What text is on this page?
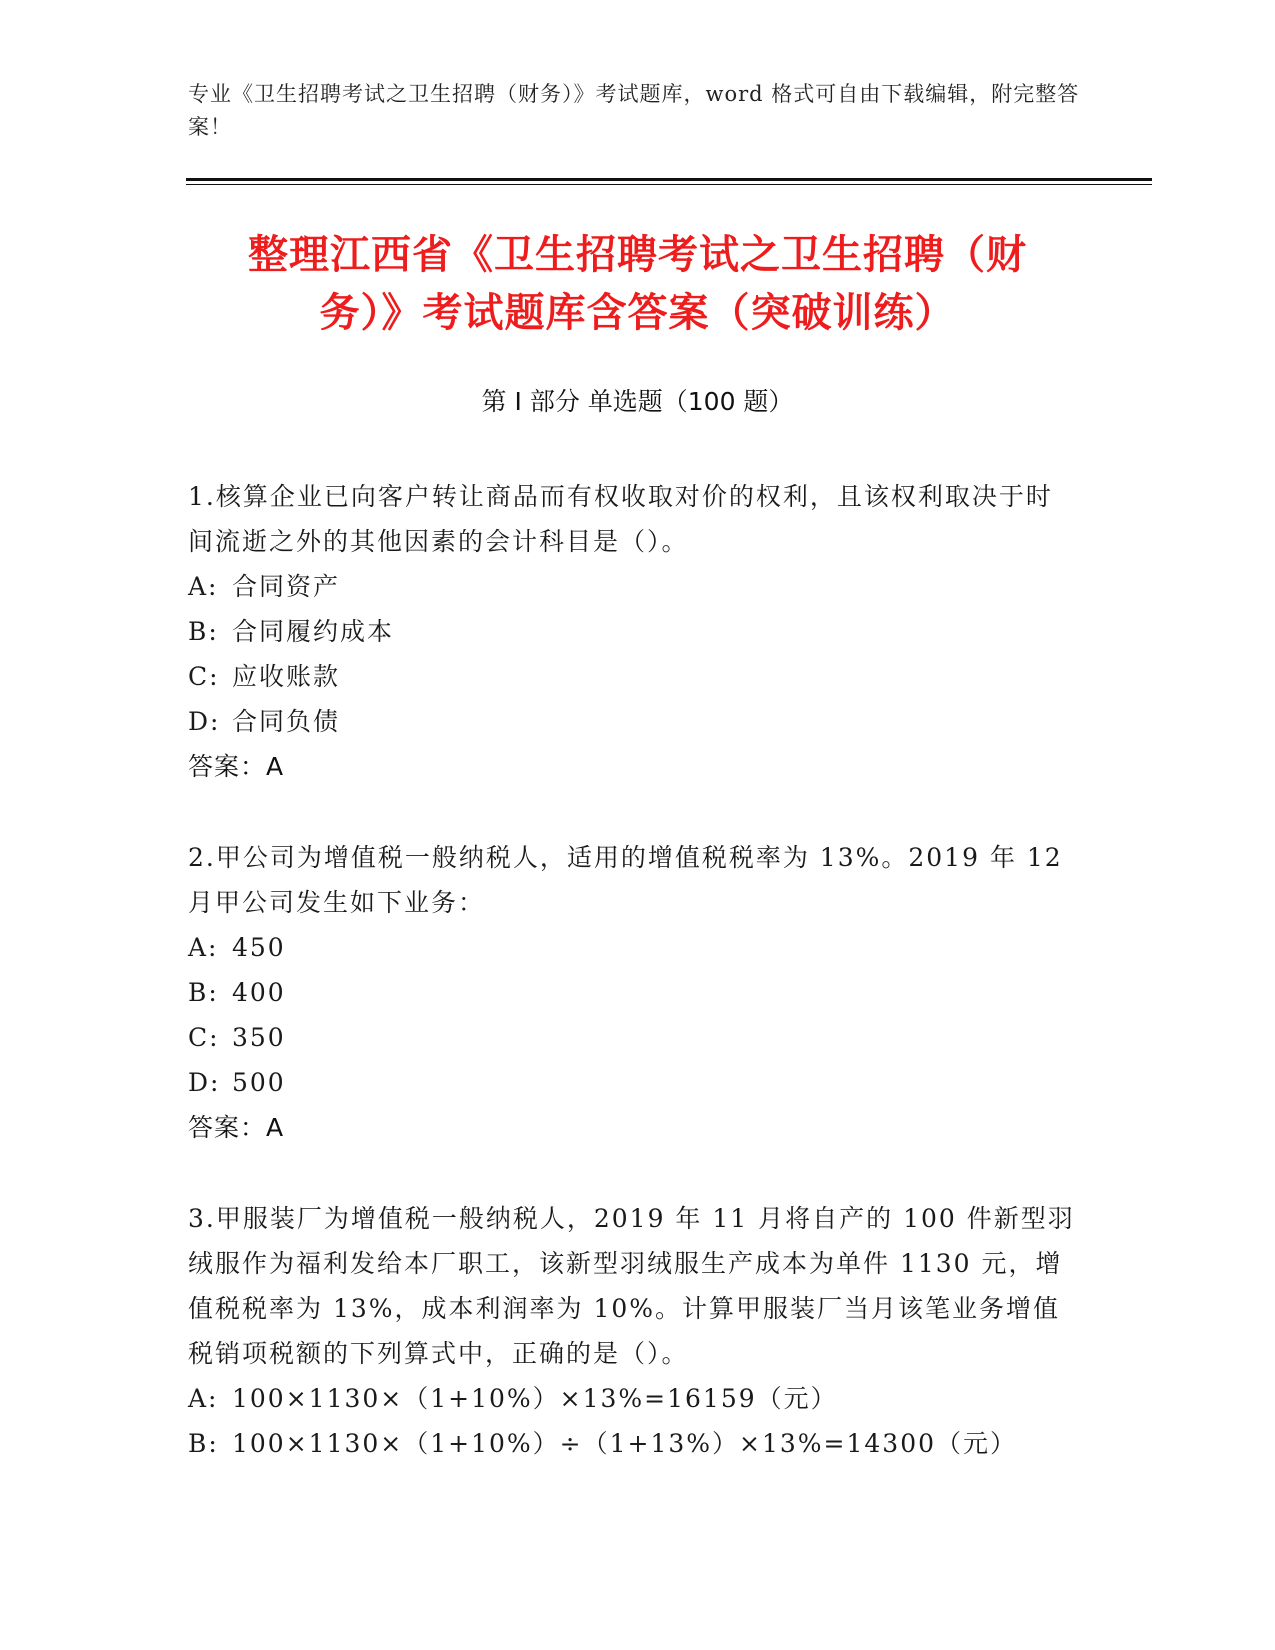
专业《卫生招聘考试之卫生招聘（财务）》考试题库，word 格式可自由下载编辑，附完整答案！
整理江西省《卫生招聘考试之卫生招聘（财
务）》考试题库含答案（突破训练）
第 I 部分 单选题（100 题）
1.核算企业已向客户转让商品而有权收取对价的权利，且该权利取决于时间流逝之外的其他因素的会计科目是（）。
A: 合同资产
B: 合同履约成本
C: 应收账款
D: 合同负债
答案：A
2.甲公司为增值税一般纳税人，适用的增值税税率为 13%。2019 年 12 月甲公司发生如下业务：
A: 450
B: 400
C: 350
D: 500
答案：A
3.甲服装厂为增值税一般纳税人，2019 年 11 月将自产的 100 件新型羽绒服作为福利发给本厂职工，该新型羽绒服生产成本为单件 1130 元，增值税税率为 13%，成本利润率为 10%。计算甲服装厂当月该笔业务增值税销项税额的下列算式中，正确的是（）。
A: 100×1130×（1+10%）×13%=16159（元）
B: 100×1130×（1+10%）÷（1+13%）×13%=14300（元）
